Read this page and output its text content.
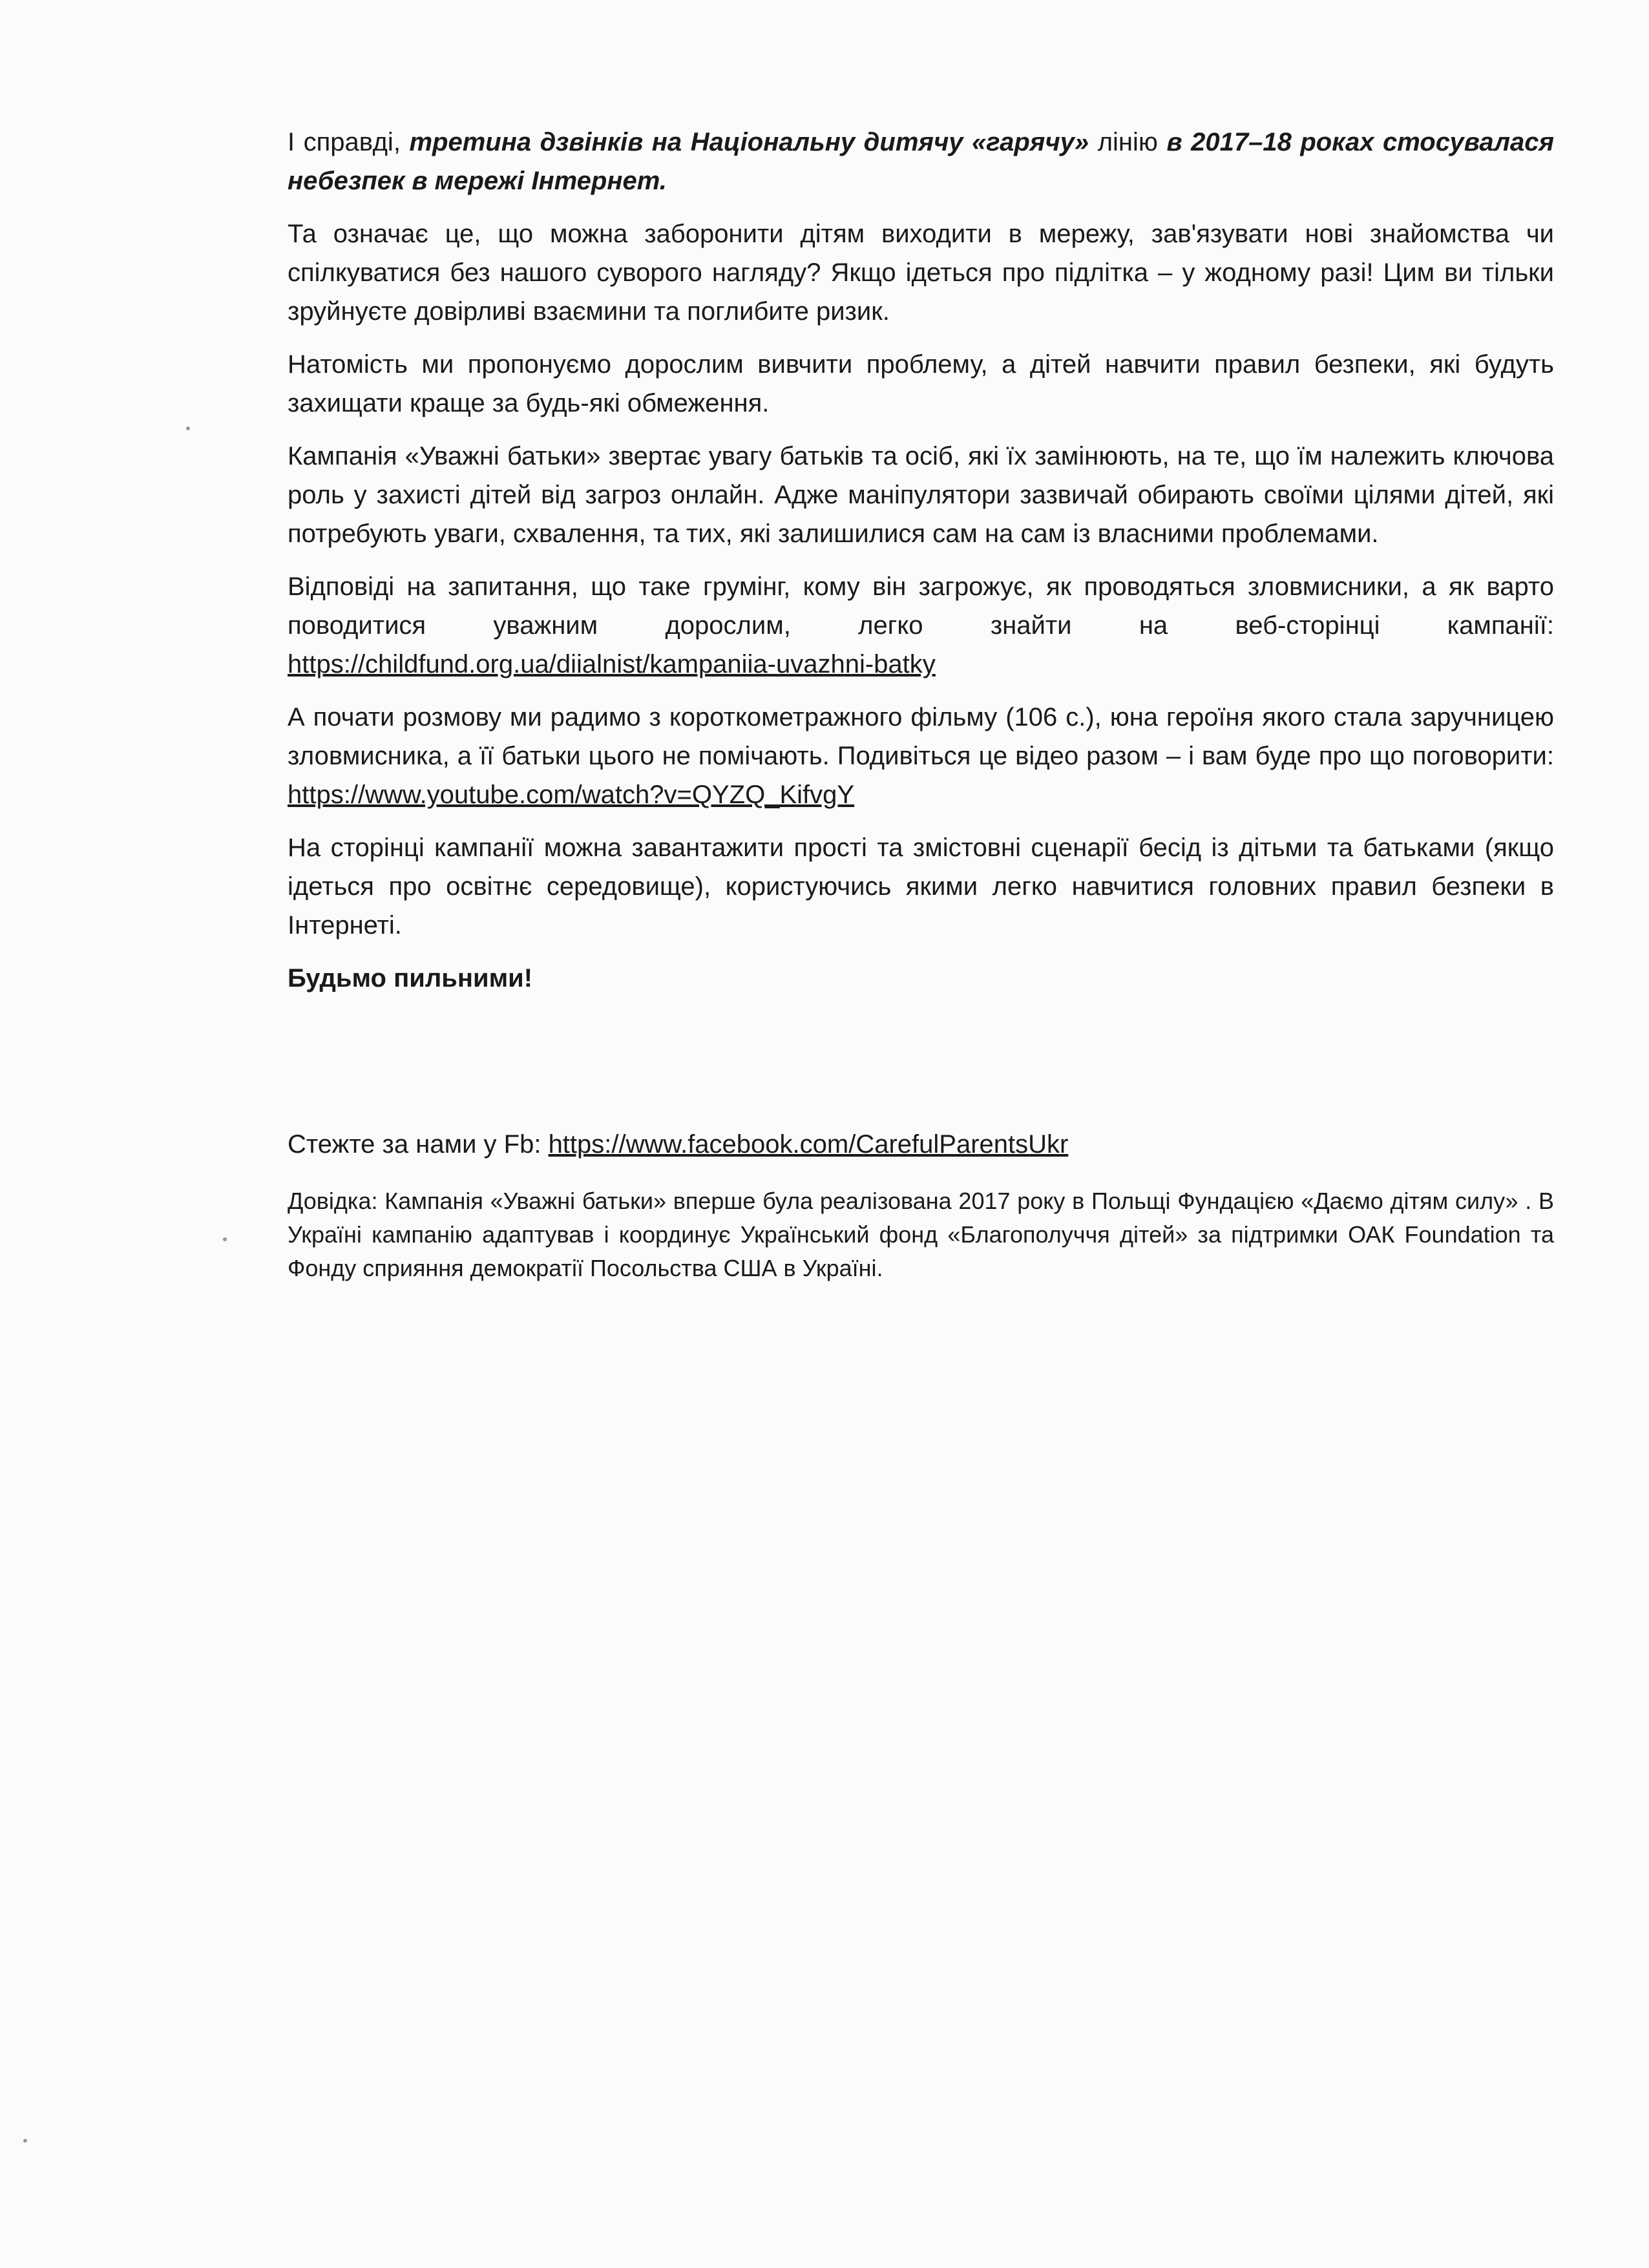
І справді, третина дзвінків на Національну дитячу «гарячу» лінію в 2017–18 роках стосувалася небезпек в мережі Інтернет.

Та означає це, що можна заборонити дітям виходити в мережу, зав'язувати нові знайомства чи спілкуватися без нашого суворого нагляду? Якщо ідеться про підлітка – у жодному разі! Цим ви тільки зруйнуєте довірливі взаємини та поглибите ризик.

Натомість ми пропонуємо дорослим вивчити проблему, а дітей навчити правил безпеки, які будуть захищати краще за будь-які обмеження.

Кампанія «Уважні батьки» звертає увагу батьків та осіб, які їх замінюють, на те, що їм належить ключова роль у захисті дітей від загроз онлайн. Адже маніпулятори зазвичай обирають своїми цілями дітей, які потребують уваги, схвалення, та тих, які залишилися сам на сам із власними проблемами.

Відповіді на запитання, що таке грумінг, кому він загрожує, як проводяться зловмисники, а як варто поводитися уважним дорослим, легко знайти на веб-сторінці кампанії: https://childfund.org.ua/diialnist/kampaniia-uvazhni-batky

А почати розмову ми радимо з короткометражного фільму (106 с.), юна героїня якого стала заручницею зловмисника, а її батьки цього не помічають. Подивіться це відео разом – і вам буде про що поговорити: https://www.youtube.com/watch?v=QYZQ_KifvgY

На сторінці кампанії можна завантажити прості та змістовні сценарії бесід із дітьми та батьками (якщо ідеться про освітнє середовище), користуючись якими легко навчитися головних правил безпеки в Інтернеті.

Будьмо пильними!

Стежте за нами у Fb: https://www.facebook.com/CarefulParentsUkr

Довідка: Кампанія «Уважні батьки» вперше була реалізована 2017 року в Польщі Фундацією «Даємо дітям силу» . В Україні кампанію адаптував і координує Український фонд «Благополуччя дітей» за підтримки ОАК Foundation та Фонду сприяння демократії Посольства США в Україні.
